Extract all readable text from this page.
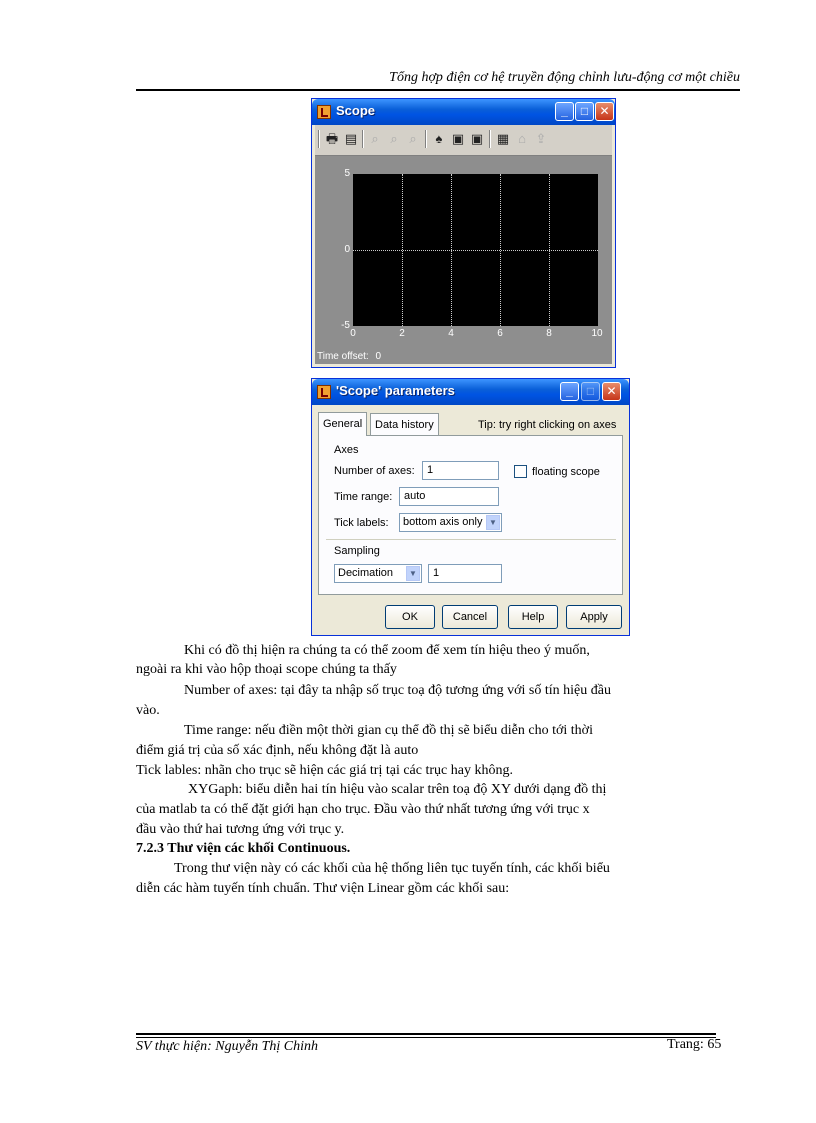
Tổng hợp điện cơ hệ truyền động chỉnh lưu-động cơ một chiều
Scope	_	□ ✕
🖶 ▤	⌕ ⌕ ⌕	♠ ▣ ▣ ▦ ⌂ ⇪
5
0
-5
0	2	4	6	8	10
Time offset: 0
'Scope' parameters	_	□	✕
General	Data history	Tip: try right clicking on axes
Axes
Number of axes:	1	floating scope
Time range:	auto
Tick labels:	bottom axis only ▼
Sampling
Decimation	▼	1
OK	Cancel	Help	Apply
Khi có đồ thị hiện ra chúng ta có thể zoom để xem tín hiệu theo ý muốn,
ngoài ra khi vào hộp thoại scope chúng ta thấy
Number of axes: tại đây ta nhập số trục toạ độ tương ứng với số tín hiệu đầu
vào.
Time range: nếu điền một thời gian cụ thể đồ thị sẽ biểu diễn cho tới thời
điểm giá trị của số xác định, nếu không đặt là auto
Tick lables: nhãn cho trục sẽ hiện các giá trị tại các trục hay không.
XYGaph: biểu diễn hai tín hiệu vào scalar trên toạ độ XY dưới dạng đồ thị
của matlab ta có thể đặt giới hạn cho trục. Đầu vào thứ nhất tương ứng với trục x
đầu vào thứ hai tương ứng với trục y.
7.2.3 Thư viện các khối Continuous.
Trong thư viện này có các khối của hệ thống liên tục tuyến tính, các khối biểu
diễn các hàm tuyến tính chuẩn. Thư viện Linear gồm các khối sau:
SV thực hiện: Nguyễn Thị Chinh	Trang: 65
